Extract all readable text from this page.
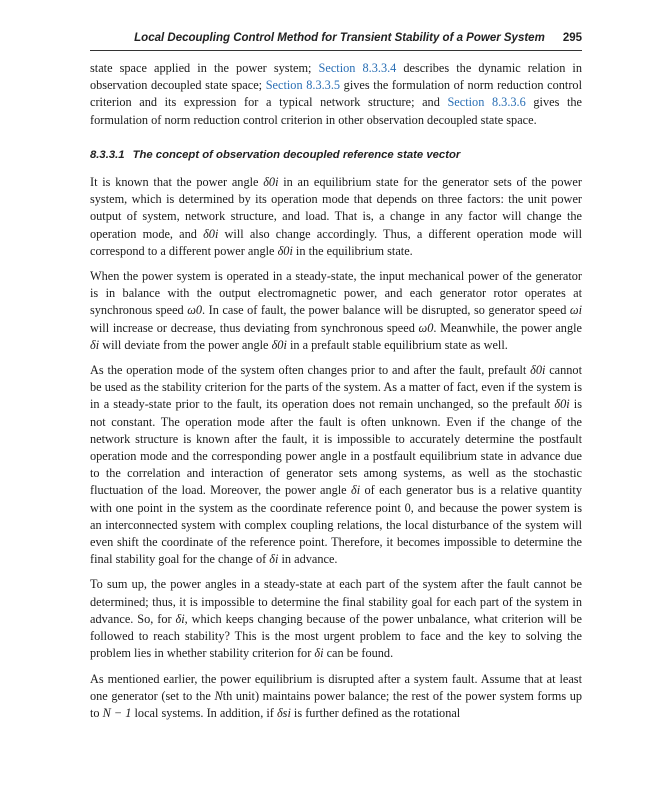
Local Decoupling Control Method for Transient Stability of a Power System 295

state space applied in the power system; Section 8.3.3.4 describes the dynamic relation in observation decoupled state space; Section 8.3.3.5 gives the formulation of norm reduction control criterion and its expression for a typical network structure; and Section 8.3.3.6 gives the formulation of norm reduction control criterion in other observation decoupled state space.

8.3.3.1 The concept of observation decoupled reference state vector

It is known that the power angle δ0i in an equilibrium state for the generator sets of the power system, which is determined by its operation mode that depends on three factors: the unit power output of system, network structure, and load. That is, a change in any factor will change the operation mode, and δ0i will also change accordingly. Thus, a different operation mode will correspond to a different power angle δ0i in the equilibrium state.

When the power system is operated in a steady-state, the input mechanical power of the generator is in balance with the output electromagnetic power, and each generator rotor operates at synchronous speed ω0. In case of fault, the power balance will be disrupted, so generator speed ωi will increase or decrease, thus deviating from synchronous speed ω0. Meanwhile, the power angle δi will deviate from the power angle δ0i in a prefault stable equilibrium state as well.

As the operation mode of the system often changes prior to and after the fault, prefault δ0i cannot be used as the stability criterion for the parts of the system. As a matter of fact, even if the system is in a steady-state prior to the fault, its operation does not remain unchanged, so the prefault δ0i is not constant. The operation mode after the fault is often unknown. Even if the change of the network structure is known after the fault, it is impossible to accurately determine the postfault operation mode and the corresponding power angle in a postfault equilibrium state in advance due to the correlation and interaction of generator sets among systems, as well as the stochastic fluctuation of the load. Moreover, the power angle δi of each generator bus is a relative quantity with one point in the system as the coordinate reference point 0, and because the power system is an interconnected system with complex coupling relations, the local disturbance of the system will even shift the coordinate of the reference point. Therefore, it becomes impossible to determine the final stability goal for the change of δi in advance.

To sum up, the power angles in a steady-state at each part of the system after the fault cannot be determined; thus, it is impossible to determine the final stability goal for each part of the system in advance. So, for δi, which keeps changing because of the power unbalance, what criterion will be followed to reach stability? This is the most urgent problem to face and the key to solving the problem lies in whether stability criterion for δi can be found.

As mentioned earlier, the power equilibrium is disrupted after a system fault. Assume that at least one generator (set to the Nth unit) maintains power balance; the rest of the power system forms up to N − 1 local systems. In addition, if δsi is further defined as the rotational
